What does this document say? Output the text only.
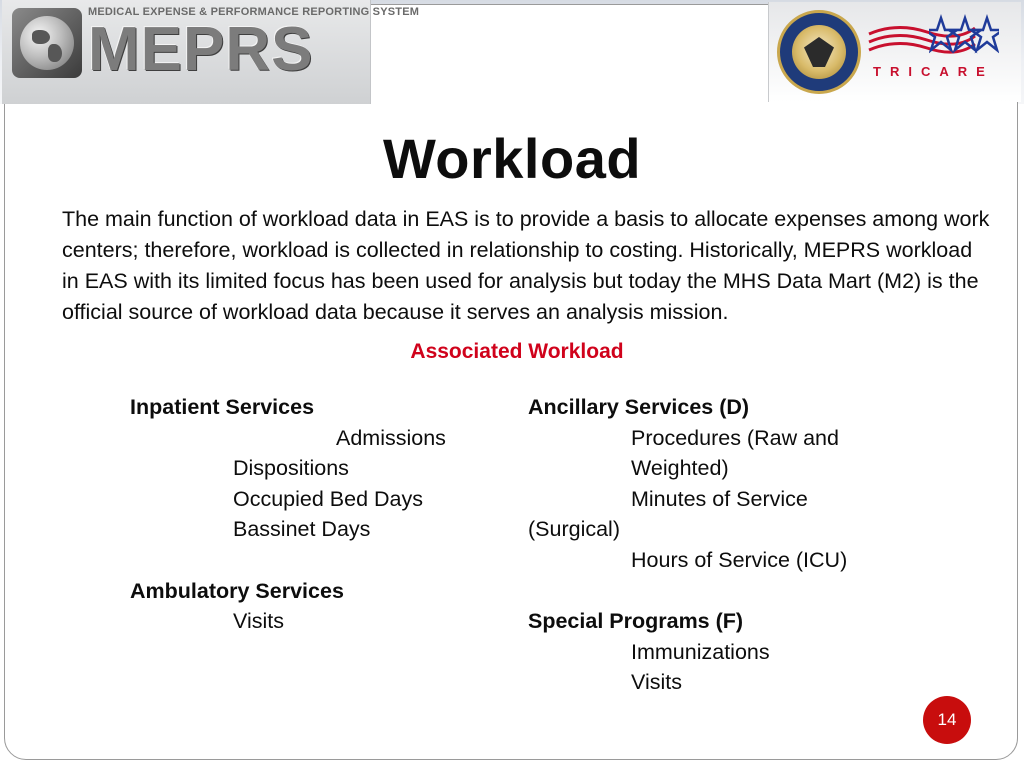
MEDICAL EXPENSE & PERFORMANCE REPORTING SYSTEM
MEPRS	TRICARE
Workload

The main function of workload data in EAS is to provide a basis to allocate expenses among work centers; therefore, workload is collected in relationship to costing. Historically, MEPRS workload in EAS with its limited focus has been used for analysis but today the MHS Data Mart (M2) is the official source of workload data because it serves an analysis mission.

Associated Workload
Inpatient Services
Admissions
Dispositions
Occupied Bed Days
Bassinet Days
Ambulatory Services
Visits
Ancillary Services (D)
Procedures (Raw and
Weighted)
Minutes of Service
(Surgical)
Hours of Service (ICU)
Special Programs (F)
Immunizations
Visits
14
